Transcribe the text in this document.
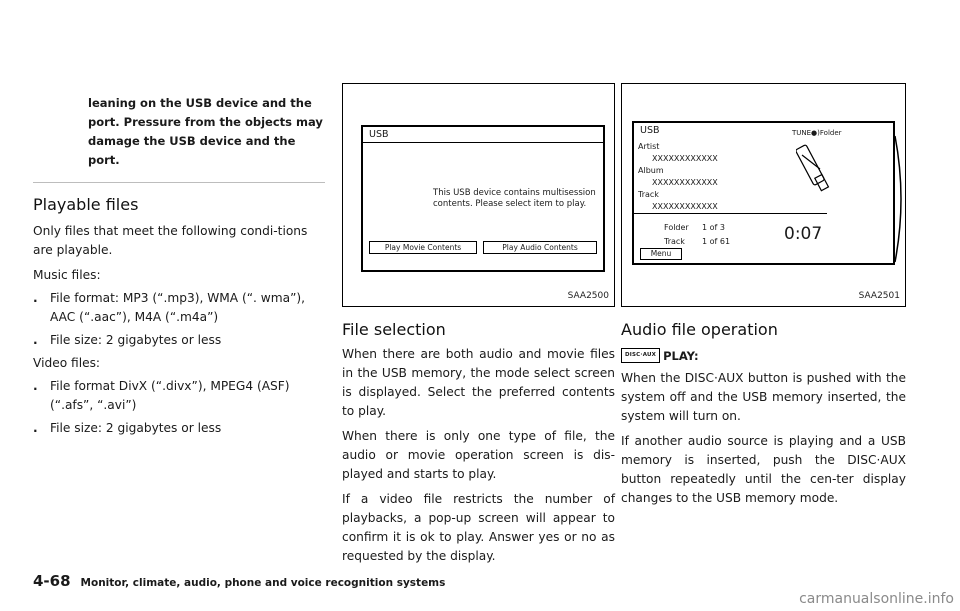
leaning on the USB device and the port. Pressure from the objects may damage the USB device and the port.
Playable files

Only files that meet the following condi-tions are playable.

Music files:

. File format: MP3 (“.mp3), WMA (“. wma”), AAC (“.aac”), M4A (“.m4a”)
. File size: 2 gigabytes or less

Video files:

. File format DivX (“.divx”), MPEG4 (ASF) (“.afs”, “.avi”)
. File size: 2 gigabytes or less
USB
This USB device contains multisession contents. Please select item to play.
Play Movie Contents	Play Audio Contents
SAA2500
File selection

When there are both audio and movie files in the USB memory, the mode select screen is displayed. Select the preferred contents to play.

When there is only one type of file, the audio or movie operation screen is dis-played and starts to play.

If a video file restricts the number of playbacks, a pop-up screen will appear to confirm it is ok to play. Answer yes or no as requested by the display.

USB
Artist
XXXXXXXXXXXX
Album
XXXXXXXXXXXX
Track
XXXXXXXXXXXX
Folder 1 of 3
Track 1 of 61	0:07
TUNE●)Folder
Menu
SAA2501
Audio file operation
DISC·AUX PLAY:

When the DISC·AUX button is pushed with the system off and the USB memory inserted, the system will turn on.

If another audio source is playing and a USB memory is inserted, push the DISC·AUX button repeatedly until the cen-ter display changes to the USB memory mode.

4-68 Monitor, climate, audio, phone and voice recognition systems
carmanualsonline.info
